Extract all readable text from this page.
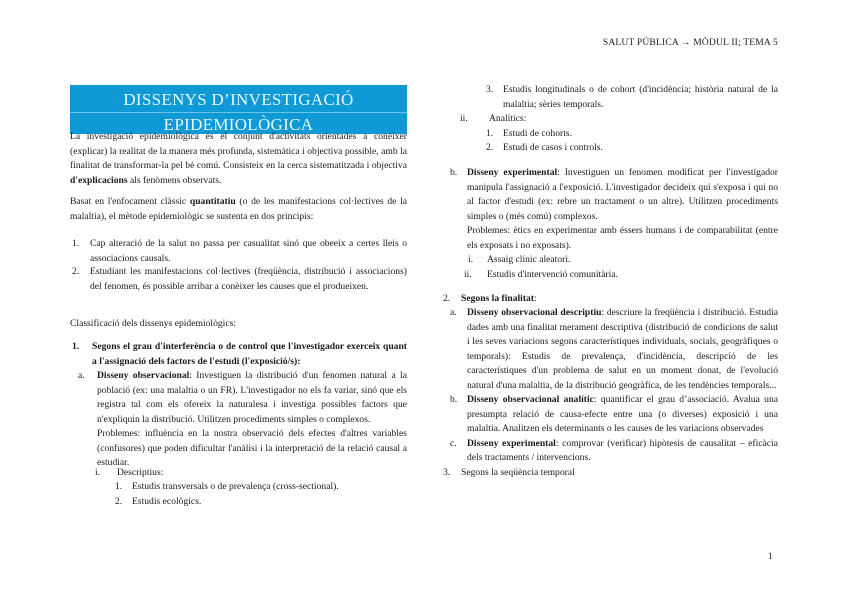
SALUT PÚBLICA → MÒDUL II; TEMA 5
DISSENYS D’INVESTIGACIÓ
EPIDEMIOLÒGICA
La investigació epidemiològica és el conjunt d'activitats orientades a conèixer (explicar) la realitat de la manera més profunda, sistemàtica i objectiva possible, amb la finalitat de transformar-la pel bé comú. Consisteix en la cerca sistematitzada i objectiva d'explicacions als fenòmens observats.
Basat en l'enfocament clàssic quantitatiu (o de les manifestacions col·lectives de la malaltia), el mètode epidemiològic se sustenta en dos principis:
1. Cap alteració de la salut no passa per casualitat sinó que obeeix a certes lleis o associacions causals.
2. Estudiant les manifestacions col·lectives (freqüència, distribució i associacions) del fenomen, és possible arribar a conèixer les causes que el produeixen.
Classificació dels dissenys epidemiològics:
1. Segons el grau d'interferència o de control que l'investigador exerceix quant a l'assignació dels factors de l'estudi (l'exposició/s):
a. Disseny observacional: Investiguen la distribució d'un fenomen natural a la població (ex: una malaltia o un FR). L'investigador no els fa variar, sinó que els registra tal com els ofereix la naturalesa i investiga possibles factors que n'expliquin la distribució. Utilitzen procediments simples o complexos.
Problemes: influència en la nostra observació dels efectes d'altres variables (confusores) que poden dificultar l'anàlisi i la interpretació de la relació causal a estudiar.
i. Descriptius:
1. Estudis transversals o de prevalença (cross-sectional).
2. Estudis ecològics.
3. Estudis longitudinals o de cohort (d'incidència; història natural de la malaltia; sèries temporals.
ii. Analítics:
1. Estudi de cohorts.
2. Estudi de casos i controls.
b. Disseny experimental: Investiguen un fenomen modificat per l'investigador manipula l'assignació a l'exposició. L'investigador decideix qui s'exposa i qui no al factor d'estudi (ex: rebre un tractament o un altre). Utilitzen procediments simples o (més comú) complexos.
Problemes: ètics en experimentar amb éssers humans i de comparabilitat (entre els exposats i no exposats).
i. Assaig clínic aleatori.
ii. Estudis d'intervenció comunitària.
2. Segons la finalitat:
a. Disseny observacional descriptiu: descriure la freqüència i distribució. Estudia dades amb una finalitat merament descriptiva (distribució de condicions de salut i les seves variacions segons característiques individuals, socials, geogràfiques o temporals): Estudis de prevalença, d'incidència, descripció de les característiques d'un problema de salut en un moment donat, de l'evolució natural d'una malaltia, de la distribució geogràfica, de les tendències temporals...
b. Disseny observacional analític: quantificar el grau d’associació. Avalua una presumpta relació de causa-efecte entre una (o diverses) exposició i una malaltia. Analitzen els determinants o les causes de les variacions observades
c. Disseny experimental: comprovar (verificar) hipòtesis de causalitat – eficàcia dels tractaments / intervencions.
3. Segons la seqüència temporal
1
